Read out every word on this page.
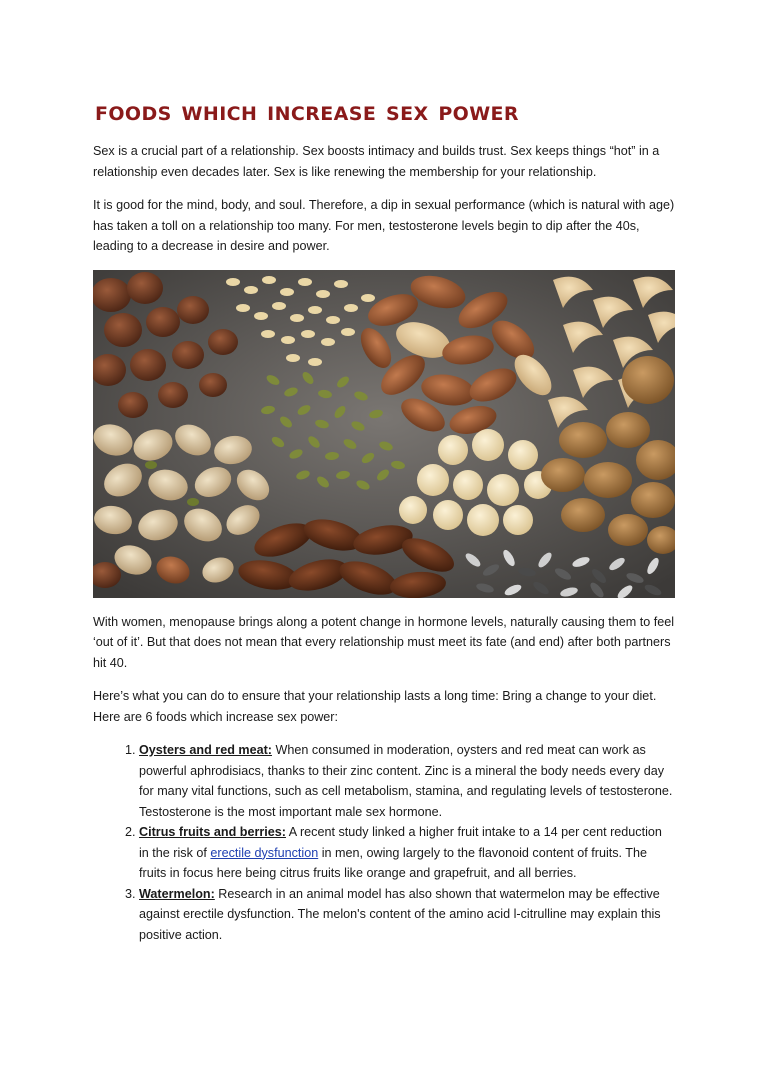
foods which increase sex power

Sex is a crucial part of a relationship. Sex boosts intimacy and builds trust. Sex keeps things “hot” in a relationship even decades later. Sex is like renewing the membership for your relationship.

It is good for the mind, body, and soul. Therefore, a dip in sexual performance (which is natural with age) has taken a toll on a relationship too many. For men, testosterone levels begin to dip after the 40s, leading to a decrease in desire and power.

With women, menopause brings along a potent change in hormone levels, naturally causing them to feel ‘out of it’. But that does not mean that every relationship must meet its fate (and end) after both partners hit 40.

Here’s what you can do to ensure that your relationship lasts a long time: Bring a change to your diet. Here are 6 foods which increase sex power:

1. Oysters and red meat: When consumed in moderation, oysters and red meat can work as powerful aphrodisiacs, thanks to their zinc content. Zinc is a mineral the body needs every day for many vital functions, such as cell metabolism, stamina, and regulating levels of testosterone. Testosterone is the most important male sex hormone.
2. Citrus fruits and berries: A recent study linked a higher fruit intake to a 14 per cent reduction in the risk of erectile dysfunction in men, owing largely to the flavonoid content of fruits. The fruits in focus here being citrus fruits like orange and grapefruit, and all berries.
3. Watermelon: Research in an animal model has also shown that watermelon may be effective against erectile dysfunction. The melon's content of the amino acid l-citrulline may explain this positive action.
